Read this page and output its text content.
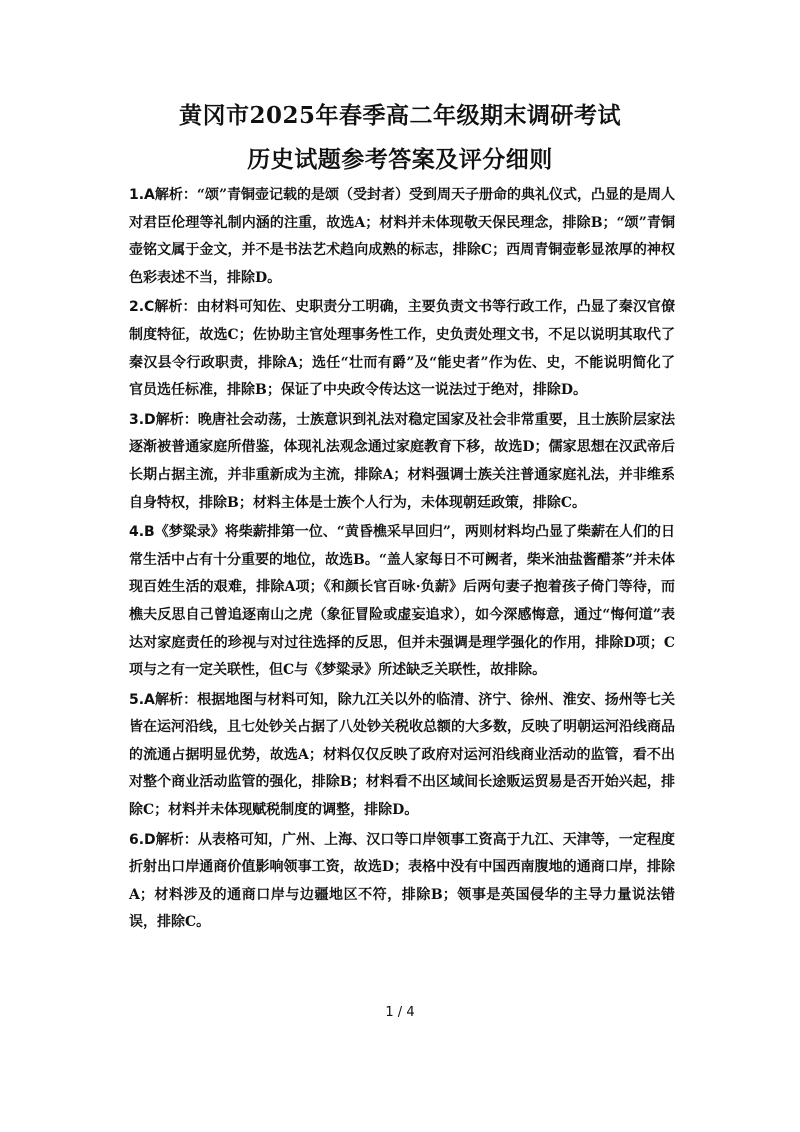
黄冈市2025年春季高二年级期末调研考试
历史试题参考答案及评分细则

1.A解析：“颂”青铜壶记载的是颂（受封者）受到周天子册命的典礼仪式，凸显的是周人对君臣伦理等礼制内涵的注重，故选A；材料并未体现敬天保民理念，排除B；“颂”青铜壶铭文属于金文，并不是书法艺术趋向成熟的标志，排除C；西周青铜壶彰显浓厚的神权色彩表述不当，排除D。

2.C解析：由材料可知佐、史职责分工明确，主要负责文书等行政工作，凸显了秦汉官僚制度特征，故选C；佐协助主官处理事务性工作，史负责处理文书，不足以说明其取代了秦汉县令行政职责，排除A；选任“壮而有爵”及“能史者”作为佐、史，不能说明简化了官员选任标准，排除B；保证了中央政令传达这一说法过于绝对，排除D。

3.D解析：晚唐社会动荡，士族意识到礼法对稳定国家及社会非常重要，且士族阶层家法逐渐被普通家庭所借鉴，体现礼法观念通过家庭教育下移，故选D；儒家思想在汉武帝后长期占据主流，并非重新成为主流，排除A；材料强调士族关注普通家庭礼法，并非维系自身特权，排除B；材料主体是士族个人行为，未体现朝廷政策，排除C。

4.B《梦粱录》将柴薪排第一位、“黄昏樵采早回归”，两则材料均凸显了柴薪在人们的日常生活中占有十分重要的地位，故选B。“盖人家每日不可阙者，柴米油盐酱醋茶”并未体现百姓生活的艰难，排除A项；《和颜长官百咏·负薪》后两句妻子抱着孩子倚门等待，而樵夫反思自己曾追逐南山之虎（象征冒险或虚妄追求），如今深感悔意，通过“悔何道”表达对家庭责任的珍视与对过往选择的反思，但并未强调是理学强化的作用，排除D项；C项与之有一定关联性，但C与《梦粱录》所述缺乏关联性，故排除。

5.A解析：根据地图与材料可知，除九江关以外的临清、济宁、徐州、淮安、扬州等七关皆在运河沿线，且七处钞关占据了八处钞关税收总额的大多数，反映了明朝运河沿线商品的流通占据明显优势，故选A；材料仅仅反映了政府对运河沿线商业活动的监管，看不出对整个商业活动监管的强化，排除B；材料看不出区域间长途贩运贸易是否开始兴起，排除C；材料并未体现赋税制度的调整，排除D。

6.D解析：从表格可知，广州、上海、汉口等口岸领事工资高于九江、天津等，一定程度折射出口岸通商价值影响领事工资，故选D；表格中没有中国西南腹地的通商口岸，排除A；材料涉及的通商口岸与边疆地区不符，排除B；领事是英国侵华的主导力量说法错误，排除C。

1 / 4
